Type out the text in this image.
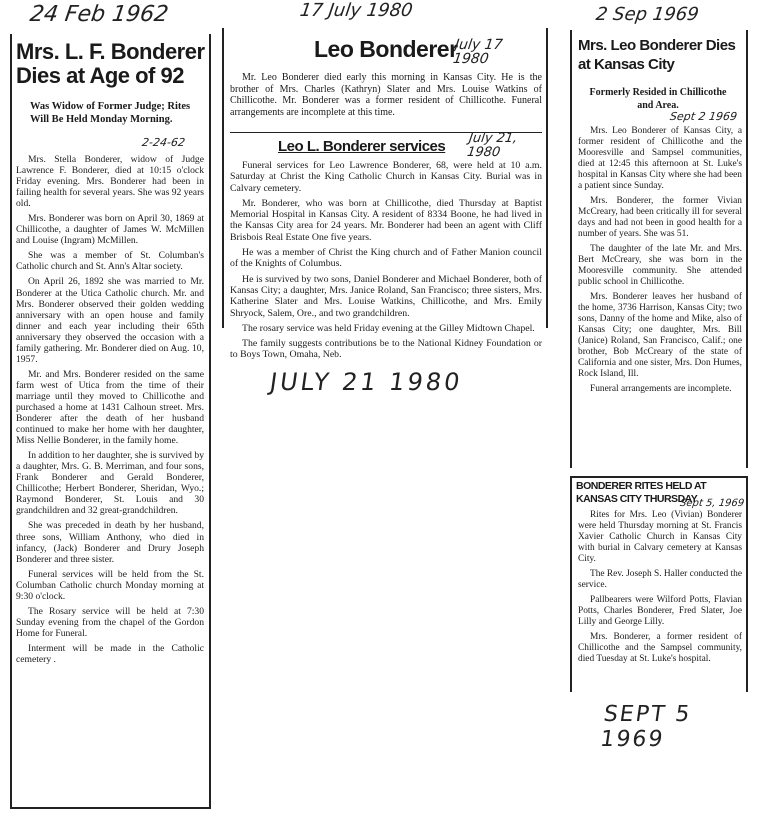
24 Feb 1962	17 July 1980	2 Sep 1969
Mrs. L. F. Bonderer Dies at Age of 92
Was Widow of Former Judge; Rites Will Be Held Monday Morning.
2-24-62

Mrs. Stella Bonderer, widow of Judge Lawrence F. Bonderer, died at 10:15 o'clock Friday evening. Mrs. Bonderer had been in failing health for several years. She was 92 years old.

Mrs. Bonderer was born on April 30, 1869 at Chillicothe, a daughter of James W. McMillen and Louise (Ingram) McMillen.

She was a member of St. Columban's Catholic church and St. Ann's Altar society.

On April 26, 1892 she was married to Mr. Bonderer at the Utica Catholic church. Mr. and Mrs. Bonderer observed their golden wedding anniversary with an open house and family dinner and each year including their 65th anniversary they observed the occasion with a family gathering. Mr. Bonderer died on Aug. 10, 1957.

Mr. and Mrs. Bonderer resided on the same farm west of Utica from the time of their marriage until they moved to Chillicothe and purchased a home at 1431 Calhoun street. Mrs. Bonderer after the death of her husband continued to make her home with her daughter, Miss Nellie Bonderer, in the family home.

In addition to her daughter, she is survived by a daughter, Mrs. G. B. Merriman, and four sons, Frank Bonderer and Gerald Bonderer, Chillicothe; Herbert Bonderer, Sheridan, Wyo.; Raymond Bonderer, St. Louis and 30 grandchildren and 32 great-grandchildren.

She was preceded in death by her husband, three sons, William Anthony, who died in infancy, (Jack) Bonderer and Drury Joseph Bonderer and three sister.

Funeral services will be held from the St. Columban Catholic church Monday morning at 9:30 o'clock.

The Rosary service will be held at 7:30 Sunday evening from the chapel of the Gordon Home for Funeral.

Interment will be made in the Catholic cemetery .

Leo Bonderer
July 17 1980

Mr. Leo Bonderer died early this morning in Kansas City. He is the brother of Mrs. Charles (Kathryn) Slater and Mrs. Louise Watkins of Chillicothe. Mr. Bonderer was a former resident of Chillicothe. Funeral arrangements are incomplete at this time.

Leo L. Bonderer services July 21, 1980

Funeral services for Leo Lawrence Bonderer, 68, were held at 10 a.m. Saturday at Christ the King Catholic Church in Kansas City. Burial was in Calvary cemetery.

Mr. Bonderer, who was born at Chillicothe, died Thursday at Baptist Memorial Hospital in Kansas City. A resident of 8334 Boone, he had lived in the Kansas City area for 24 years. Mr. Bonderer had been an agent with Cliff Brisbois Real Estate One five years.

He was a member of Christ the King church and of Father Manion council of the Knights of Columbus.

He is survived by two sons, Daniel Bonderer and Michael Bonderer, both of Kansas City; a daughter, Mrs. Janice Roland, San Francisco; three sisters, Mrs. Katherine Slater and Mrs. Louise Watkins, Chillicothe, and Mrs. Emily Shryock, Salem, Ore., and two grandchildren.

The rosary service was held Friday evening at the Gilley Midtown Chapel.

The family suggests contributions be to the National Kidney Foundation or to Boys Town, Omaha, Neb.

JULY 21 1980
Mrs. Leo Bonderer Dies at Kansas City
Formerly Resided in Chillicothe and Area.
Sept 2 1969

Mrs. Leo Bonderer of Kansas City, a former resident of Chillicothe and the Mooresville and Sampsel communities, died at 12:45 this afternoon at St. Luke's hospital in Kansas City where she had been a patient since Sunday.

Mrs. Bonderer, the former Vivian McCreary, had been critically ill for several days and had not been in good health for a number of years. She was 51.

The daughter of the late Mr. and Mrs. Bert McCreary, she was born in the Mooresville community. She attended public school in Chillicothe.

Mrs. Bonderer leaves her husband of the home, 3736 Harrison, Kansas City; two sons, Danny of the home and Mike, also of Kansas City; one daughter, Mrs. Bill (Janice) Roland, San Francisco, Calif.; one brother, Bob McCreary of the state of California and one sister, Mrs. Don Humes, Rock Island, Ill.

Funeral arrangements are incomplete.

BONDERER RITES HELD AT KANSAS CITY THURSDAY
Sept 5, 1969

Rites for Mrs. Leo (Vivian) Bonderer were held Thursday morning at St. Francis Xavier Catholic Church in Kansas City with burial in Calvary cemetery at Kansas City.

The Rev. Joseph S. Haller conducted the service.

Pallbearers were Wilford Potts, Flavian Potts, Charles Bonderer, Fred Slater, Joe Lilly and George Lilly.

Mrs. Bonderer, a former resident of Chillicothe and the Sampsel community, died Tuesday at St. Luke's hospital.

SEPT 5 1969
